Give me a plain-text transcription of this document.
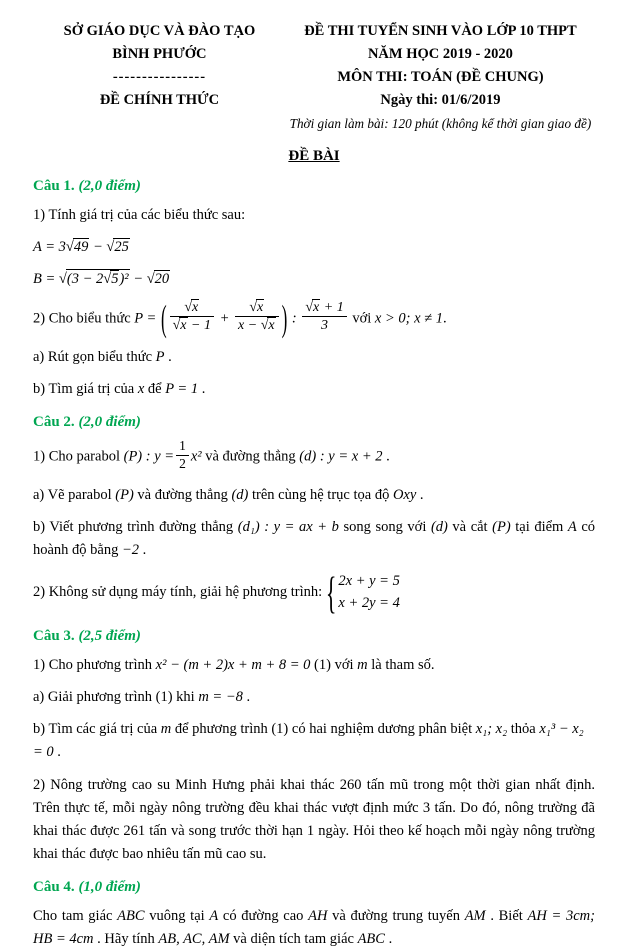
SỞ GIÁO DỤC VÀ ĐÀO TẠO
BÌNH PHƯỚC
----------------
ĐỀ CHÍNH THỨC
ĐỀ THI TUYỂN SINH VÀO LỚP 10 THPT
NĂM HỌC 2019 - 2020
MÔN THI: TOÁN (ĐỀ CHUNG)
Ngày thi: 01/6/2019
Thời gian làm bài: 120 phút (không kể thời gian giao đề)
ĐỀ BÀI
Câu 1. (2,0 điểm)

1) Tính giá trị của các biểu thức sau:

A = 3 √ 49 − √ 25

B = √ (3 − 2 √ 5)² − √ 20

2) Cho biểu thức P = ( √ x
√ x − 1 + √ $\frac{x}{x - √ x}$ ) : √ $\frac{x + 1}{3}$ với x > 0; x ≠ 1.

a) Rút gọn biểu thức P .

b) Tìm giá trị của x để P = 1 .

Câu 2. (2,0 điểm)

1) Cho parabol (P) : $y = \frac{1}{2} x^2$ và đường thẳng (d) : y = x + 2 .

a) Vẽ parabol (P) và đường thẳng (d) trên cùng hệ trục tọa độ Oxy .

b) Viết phương trình đường thẳng (d₁) : y = ax + b song song với (d) và cắt (P) tại điểm A có hoành độ bằng −2 .

2) Không sử dụng máy tính, giải hệ phương trình: { 2x + y = 5
x + 2y = 4

Câu 3. (2,5 điểm)

1) Cho phương trình x² − (m + 2)x + m + 8 = 0 (1) với m là tham số.

a) Giải phương trình (1) khi m = −8 .

b) Tìm các giá trị của m để phương trình (1) có hai nghiệm dương phân biệt x₁; x₂ thỏa x₁³ − x₂ = 0 .

2) Nông trường cao su Minh Hưng phải khai thác 260 tấn mũ trong một thời gian nhất định. Trên thực tế, mỗi ngày nông trường đều khai thác vượt định mức 3 tấn. Do đó, nông trường đã khai thác được 261 tấn và song trước thời hạn 1 ngày. Hỏi theo kế hoạch mỗi ngày nông trường khai thác được bao nhiêu tấn mũ cao su.

Câu 4. (1,0 điểm)

Cho tam giác ABC vuông tại A có đường cao AH và đường trung tuyến AM . Biết AH = 3cm; HB = 4cm . Hãy tính AB, AC, AM và diện tích tam giác ABC .
